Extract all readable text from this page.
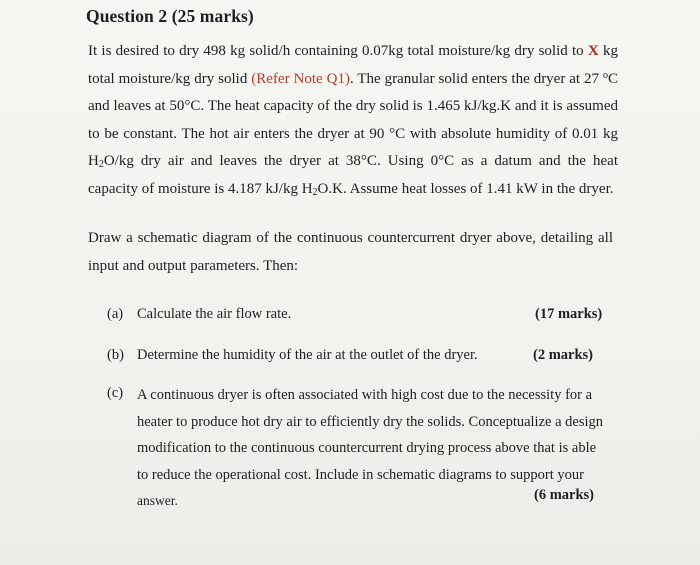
Question 2 (25 marks)
It is desired to dry 498 kg solid/h containing 0.07kg total moisture/kg dry solid to X kg total moisture/kg dry solid (Refer Note Q1). The granular solid enters the dryer at 27 $^o$C and leaves at 50°C. The heat capacity of the dry solid is 1.465 kJ/kg.K and it is assumed to be constant. The hot air enters the dryer at 90 °C with absolute humidity of 0.01 kg $H_2O/kg$ dry air and leaves the dryer at 38°C. Using 0°C as a datum and the heat capacity of moisture is 4.187 kJ/kg $H_2O.K$. Assume heat losses of 1.41 kW in the dryer.
Draw a schematic diagram of the continuous countercurrent dryer above, detailing all input and output parameters. Then:
(a) Calculate the air flow rate.	(17 marks)
(b) Determine the humidity of the air at the outlet of the dryer.	(2 marks)
(c) A continuous dryer is often associated with high cost due to the necessity for a
heater to produce hot dry air to efficiently dry the solids. Conceptualize a design
modification to the continuous countercurrent drying process above that is able
to reduce the operational cost. Include in schematic diagrams to support your
answer.	(6 marks)
